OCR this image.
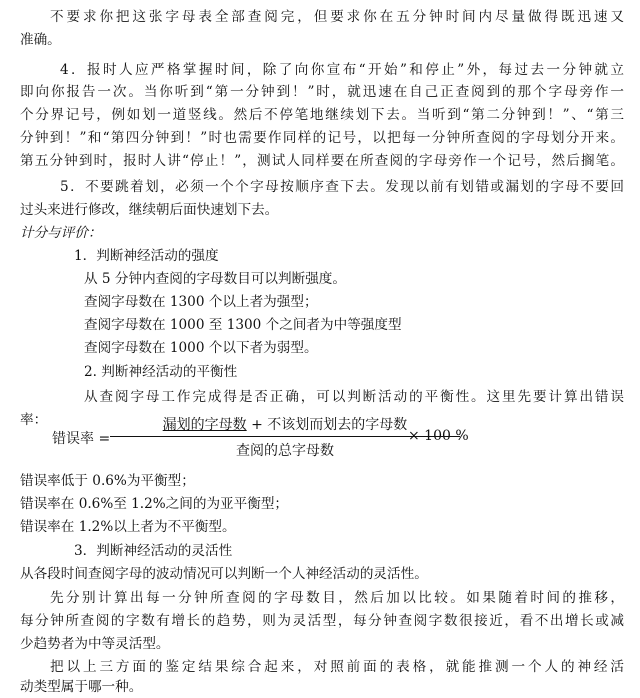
不要求你把这张字母表全部查阅完，但要求你在五分钟时间内尽量做得既迅速又
准确。
4．报时人应严格掌握时间，除了向你宣布“开始”和停止”外，每过去一分钟就立
即向你报告一次。当你听到“第一分钟到！”时，就迅速在自己正查阅到的那个字母旁作一
个分界记号，例如划一道竖线。然后不停笔地继续划下去。当听到“第二分钟到！”、“第三
分钟到！”和“第四分钟到！”时也需要作同样的记号，以把每一分钟所查阅的字母划分开来。
第五分钟到时，报时人讲“停止！”，测试人同样要在所查阅的字母旁作一个记号，然后搁笔。
5．不要跳着划，必须一个个字母按顺序查下去。发现以前有划错或漏划的字母不要回
过头来进行修改，继续朝后面快速划下去。
计分与评价：
1．判断神经活动的强度
从 5 分钟内查阅的字母数目可以判断强度。
查阅字母数在 1300 个以上者为强型；
查阅字母数在 1000 至 1300 个之间者为中等强度型
查阅字母数在 1000 个以下者为弱型。
2. 判断神经活动的平衡性
从查阅字母工作完成得是否正确，可以判断活动的平衡性。这里先要计算出错误
率：
错误率 =
漏划的字母数 + 不该划而划去的字母数
查阅的总字母数
× 100 %
错误率低于 0.6%为平衡型；
错误率在 0.6%至 1.2%之间的为亚平衡型；
错误率在 1.2%以上者为不平衡型。
3．判断神经活动的灵活性
从各段时间查阅字母的波动情况可以判断一个人神经活动的灵活性。
先分别计算出每一分钟所查阅的字母数目，然后加以比较。如果随着时间的推移，
每分钟所查阅的字数有增长的趋势，则为灵活型，每分钟查阅字数很接近，看不出增长或减
少趋势者为中等灵活型。
把以上三方面的鉴定结果综合起来，对照前面的表格，就能推测一个人的神经活
动类型属于哪一种。
